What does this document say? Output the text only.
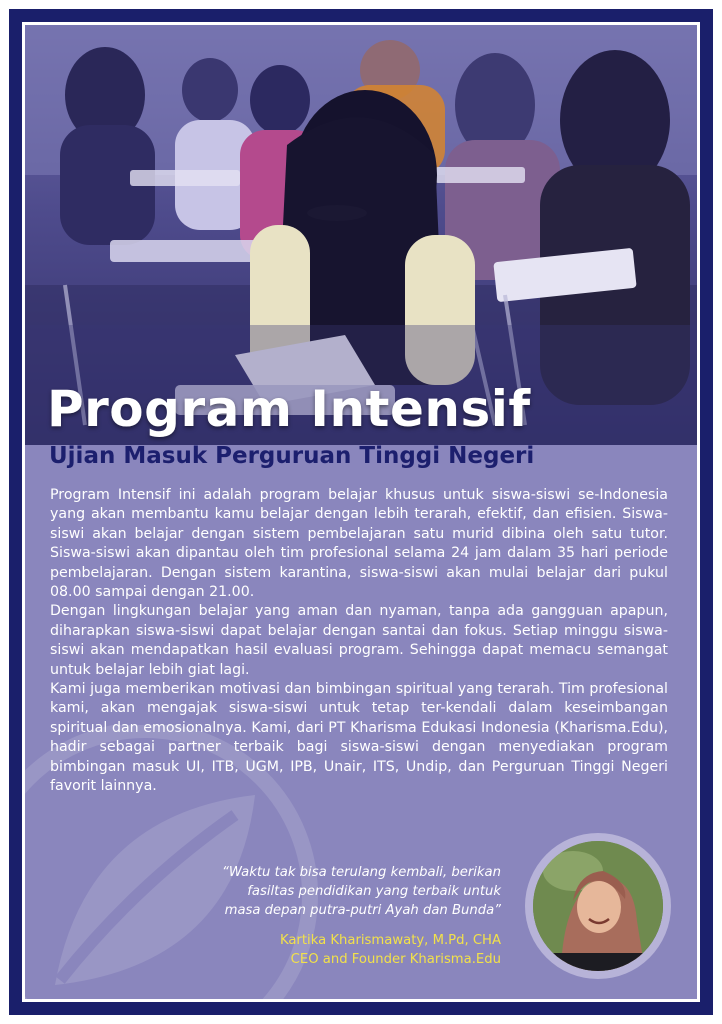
Program Intensif
Ujian Masuk Perguruan Tinggi Negeri

Program Intensif ini adalah program belajar khusus untuk siswa-siswi se-Indonesia yang akan membantu kamu belajar dengan lebih terarah, efektif, dan efisien. Siswa-siswi akan belajar dengan sistem pembelajaran satu murid dibina oleh satu tutor. Siswa-siswi akan dipantau oleh tim profesional selama 24 jam dalam 35 hari periode pembelajaran. Dengan sistem karantina, siswa-siswi akan mulai belajar dari pukul 08.00 sampai dengan 21.00.

Dengan lingkungan belajar yang aman dan nyaman, tanpa ada gangguan apapun, diharapkan siswa-siswi dapat belajar dengan santai dan fokus. Setiap minggu siswa-siswi akan mendapatkan hasil evaluasi program. Sehingga dapat memacu semangat untuk belajar lebih giat lagi.

Kami juga memberikan motivasi dan bimbingan spiritual yang terarah. Tim profesional kami, akan mengajak siswa-siswi untuk tetap ter-kendali dalam keseimbangan spiritual dan emosionalnya. Kami, dari PT Kharisma Edukasi Indonesia (Kharisma.Edu), hadir sebagai partner terbaik bagi siswa-siswi dengan menyediakan program bimbingan masuk UI, ITB, UGM, IPB, Unair, ITS, Undip, dan Perguruan Tinggi Negeri favorit lainnya.

“Waktu tak bisa terulang kembali, berikan
fasiltas pendidikan yang terbaik untuk
masa depan putra-putri Ayah dan Bunda”
Kartika Kharismawaty, M.Pd, CHA
CEO and Founder Kharisma.Edu
